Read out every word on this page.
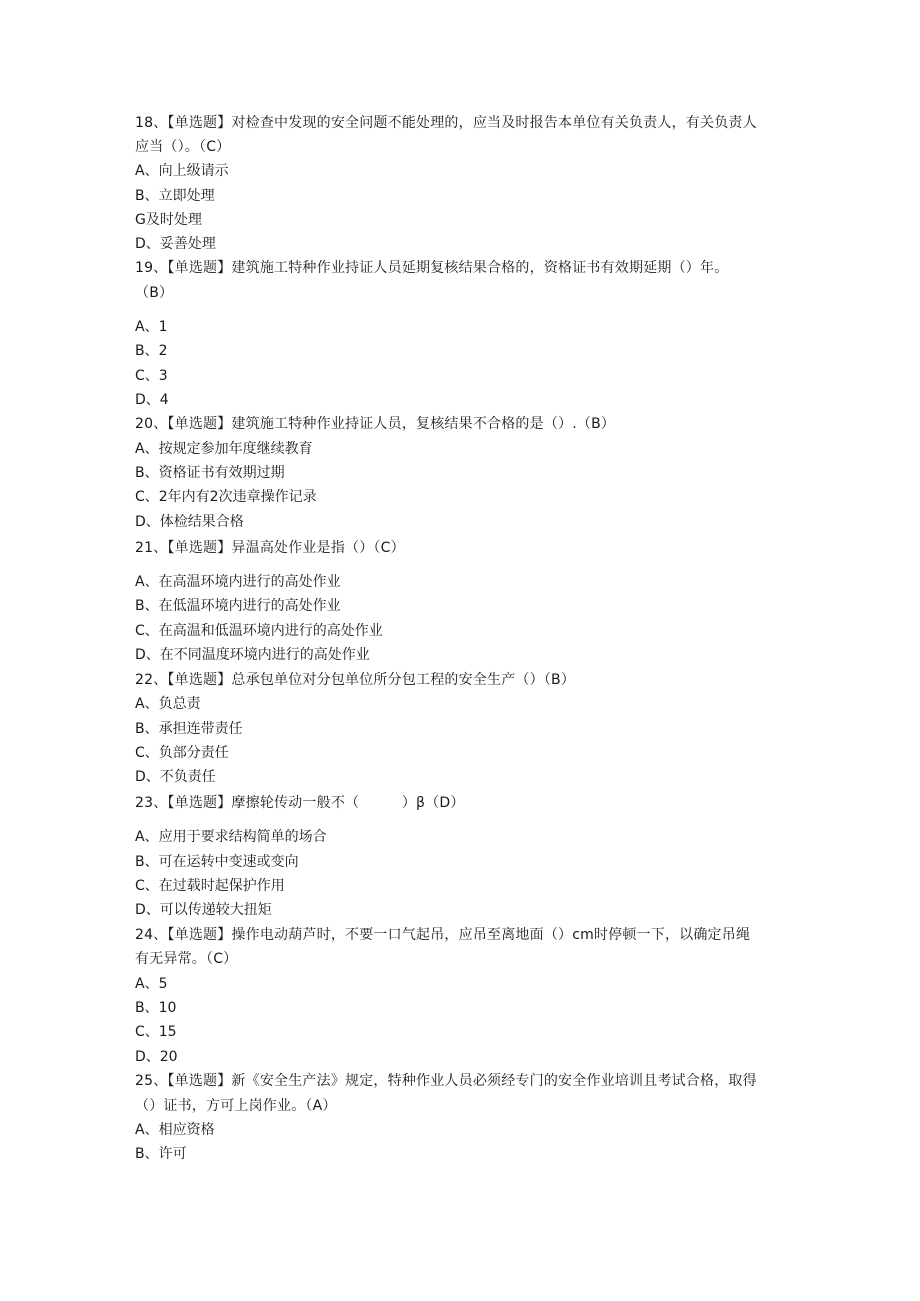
18、【单选题】对检查中发现的安全问题不能处理的，应当及时报告本单位有关负责人，有关负责人
应当（）。（C）
A、向上级请示
B、立即处理
G及时处理
D、妥善处理
19、【单选题】建筑施工特种作业持证人员延期复核结果合格的，资格证书有效期延期（）年。
（B）
A、1
B、2
C、3
D、4
20、【单选题】建筑施工特种作业持证人员，复核结果不合格的是（）.（B）
A、按规定参加年度继续教育
B、资格证书有效期过期
C、2年内有2次违章操作记录
D、体检结果合格
21、【单选题】异温高处作业是指（）（C）
A、在高温环境内进行的高处作业
B、在低温环境内进行的高处作业
C、在高温和低温环境内进行的高处作业
D、在不同温度环境内进行的高处作业
22、【单选题】总承包单位对分包单位所分包工程的安全生产（）（B）
A、负总责
B、承担连带责任
C、负部分责任
D、不负责任
23、【单选题】摩擦轮传动一般不（　　　）β（D）
A、应用于要求结构简单的场合
B、可在运转中变速或变向
C、在过载时起保护作用
D、可以传递较大扭矩
24、【单选题】操作电动葫芦时，不要一口气起吊，应吊至离地面（）cm时停顿一下，以确定吊绳
有无异常。（C）
A、5
B、10
C、15
D、20
25、【单选题】新《安全生产法》规定，特种作业人员必须经专门的安全作业培训且考试合格，取得
（）证书，方可上岗作业。（A）
A、相应资格
B、许可
